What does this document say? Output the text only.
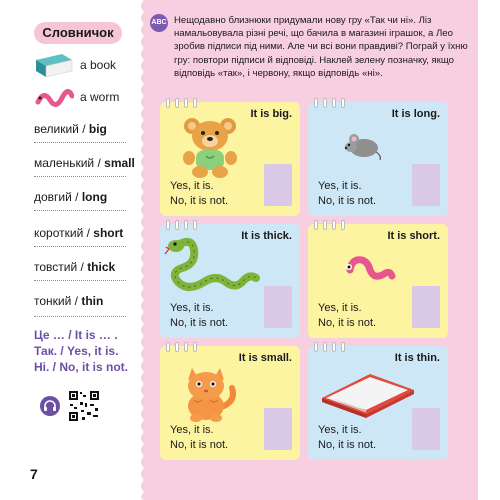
Словничок
a book
a worm
великий / big
маленький / small
довгий / long
короткий / short
товстий / thick
тонкий / thin
Це … / It is … .
Так. / Yes, it is.
Ні. / No, it is not.
7
ABC Нещодавно близнюки придумали нову гру «Так чи ні». Ліз намальовувала різні речі, що бачила в магазині іграшок, а Лео зробив підписи під ними. Але чи всі вони правдиві? Пограй у їхню гру: повтори підписи й відповіді. Наклей зелену позначку, якщо відповідь «так», і червону, якщо відповідь «ні».
It is big.
Yes, it is.
No, it is not.
It is long.
Yes, it is.
No, it is not.
It is thick.
Yes, it is.
No, it is not.
It is short.
Yes, it is.
No, it is not.
It is small.
Yes, it is.
No, it is not.
It is thin.
Yes, it is.
No, it is not.
